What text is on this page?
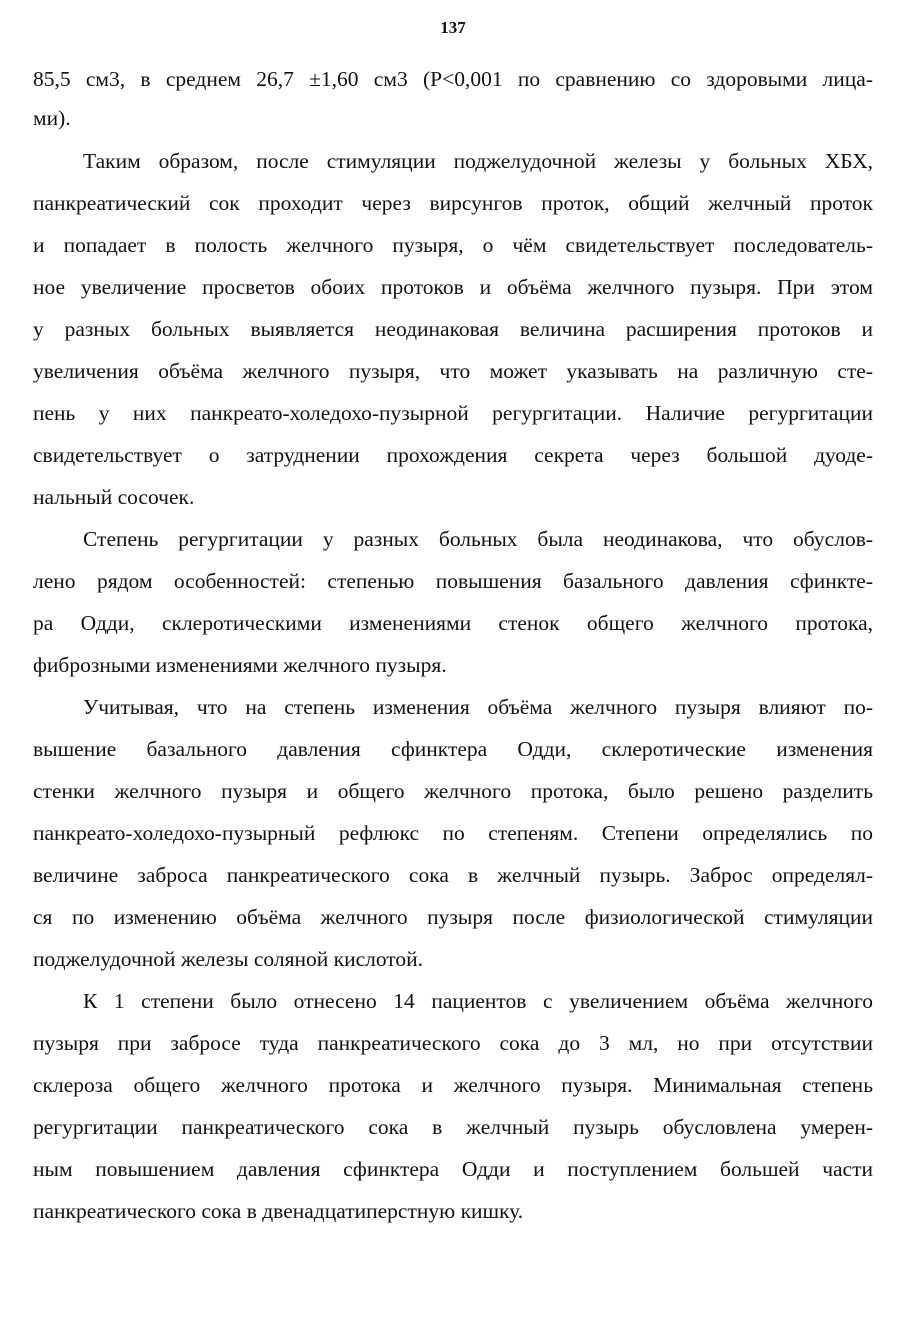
137
85,5 см3, в среднем 26,7 ±1,60 см3 (Р<0,001 по сравнению со здоровыми лица-
ми).
Таким образом, после стимуляции поджелудочной железы у больных ХБХ,
панкреатический сок проходит через вирсунгов проток, общий желчный проток
и попадает в полость желчного пузыря, о чём свидетельствует последователь-
ное увеличение просветов обоих протоков и объёма желчного пузыря. При этом
у разных больных выявляется неодинаковая величина расширения протоков и
увеличения объёма желчного пузыря, что может указывать на различную сте-
пень у них панкреато-холедохо-пузырной регургитации. Наличие регургитации
свидетельствует о затруднении прохождения секрета через большой дуоде-
нальный сосочек.
Степень регургитации у разных больных была неодинакова, что обуслов-
лено рядом особенностей: степенью повышения базального давления сфинкте-
ра Одди, склеротическими изменениями стенок общего желчного протока,
фиброзными изменениями желчного пузыря.
Учитывая, что на степень изменения объёма желчного пузыря влияют по-
вышение базального давления сфинктера Одди, склеротические изменения
стенки желчного пузыря и общего желчного протока, было решено разделить
панкреато-холедохо-пузырный рефлюкс по степеням. Степени определялись по
величине заброса панкреатического сока в желчный пузырь. Заброс определял-
ся по изменению объёма желчного пузыря после физиологической стимуляции
поджелудочной железы соляной кислотой.
К 1 степени было отнесено 14 пациентов с увеличением объёма желчного
пузыря при забросе туда панкреатического сока до 3 мл, но при отсутствии
склероза общего желчного протока и желчного пузыря. Минимальная степень
регургитации панкреатического сока в желчный пузырь обусловлена умерен-
ным повышением давления сфинктера Одди и поступлением большей части
панкреатического сока в двенадцатиперстную кишку.
